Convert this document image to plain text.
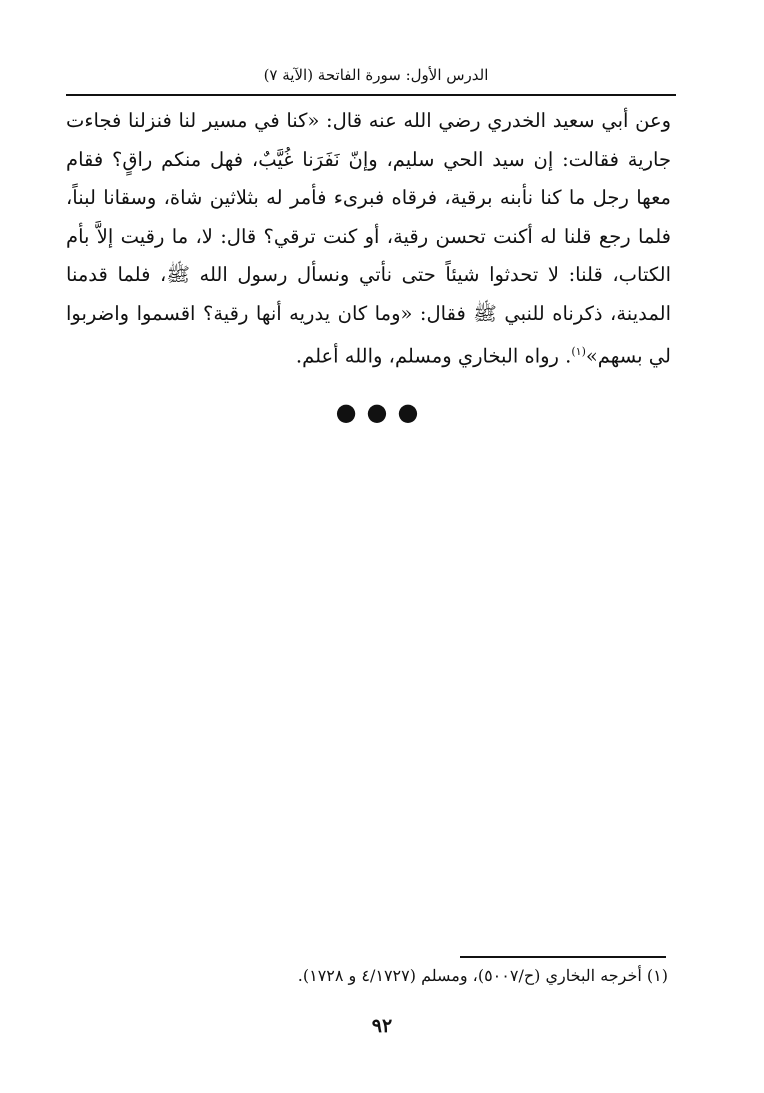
الدرس الأول: سورة الفاتحة (الآية ٧)

وعن أبي سعيد الخدري رضي الله عنه قال: «كنا في مسير لنا فنزلنا فجاءت جارية فقالت: إن سيد الحي سليم، وإنّ نَفَرَنا غُيَّبٌ، فهل منكم راقٍ؟ فقام معها رجل ما كنا نأبنه برقية، فرقاه فبرىء فأمر له بثلاثين شاة، وسقانا لبناً، فلما رجع قلنا له أكنت تحسن رقية، أو كنت ترقي؟ قال: لا، ما رقيت إلاَّ بأم الكتاب، قلنا: لا تحدثوا شيئاً حتى نأتي ونسأل رسول الله ﷺ، فلما قدمنا المدينة، ذكرناه للنبي ﷺ فقال: «وما كان يدريه أنها رقية؟ اقسموا واضربوا لي بسهم»$^{(١)}$. رواه البخاري ومسلم، والله أعلم.

●●●
(١) أخرجه البخاري (ح/٥٠٠٧)، ومسلم (٤/١٧٢٧ و ١٧٢٨).
٩٢
